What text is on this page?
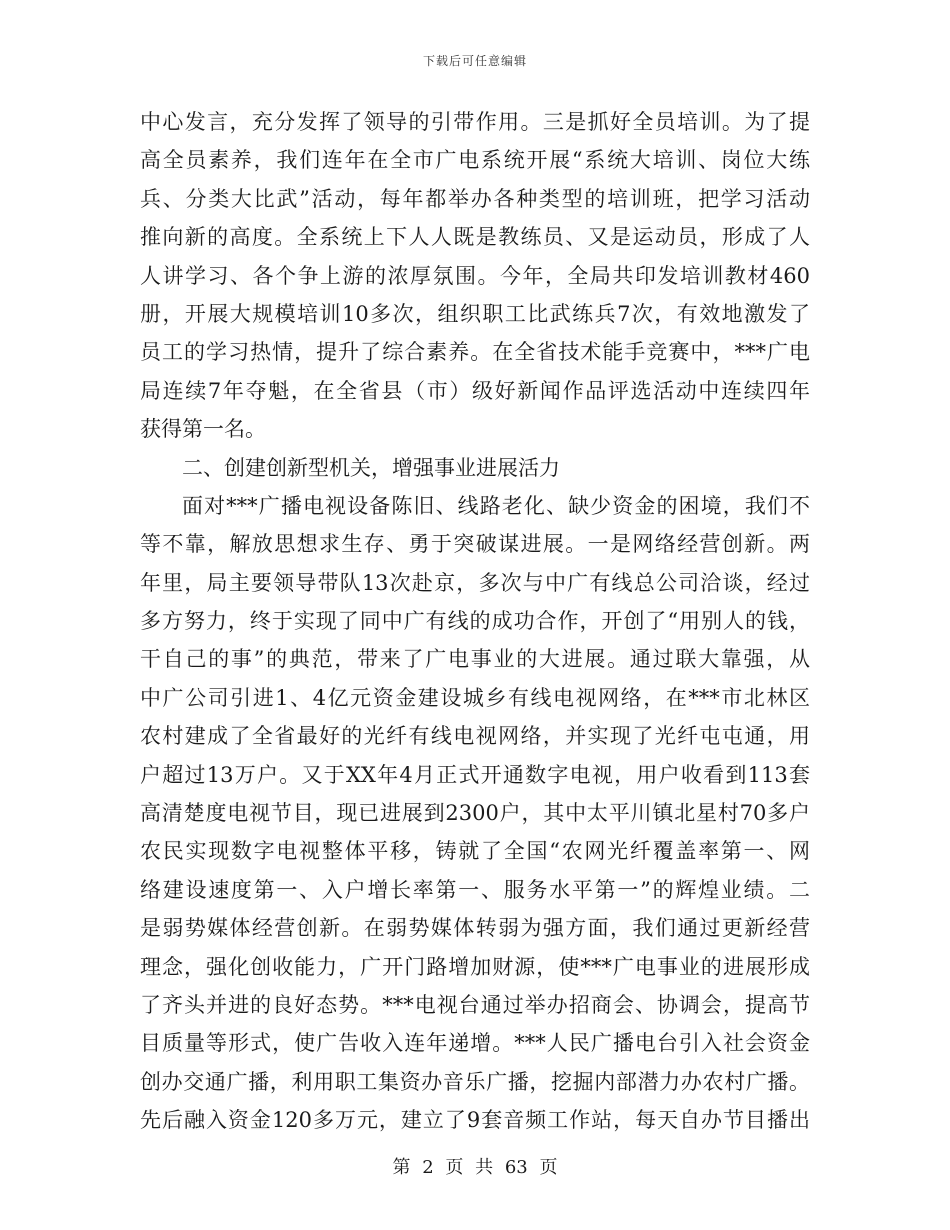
下载后可任意编辑
中心发言，充分发挥了领导的引带作用。三是抓好全员培训。为了提
高全员素养，我们连年在全市广电系统开展“系统大培训、岗位大练
兵、分类大比武”活动，每年都举办各种类型的培训班，把学习活动
推向新的高度。全系统上下人人既是教练员、又是运动员，形成了人
人讲学习、各个争上游的浓厚氛围。今年，全局共印发培训教材460
册，开展大规模培训10多次，组织职工比武练兵7次，有效地激发了
员工的学习热情，提升了综合素养。在全省技术能手竞赛中，***广电
局连续7年夺魁，在全省县（市）级好新闻作品评选活动中连续四年
获得第一名。
二、创建创新型机关，增强事业进展活力
面对***广播电视设备陈旧、线路老化、缺少资金的困境，我们不
等不靠，解放思想求生存、勇于突破谋进展。一是网络经营创新。两
年里，局主要领导带队13次赴京，多次与中广有线总公司洽谈，经过
多方努力，终于实现了同中广有线的成功合作，开创了“用别人的钱，
干自己的事”的典范，带来了广电事业的大进展。通过联大靠强，从
中广公司引进1、4亿元资金建设城乡有线电视网络，在***市北林区
农村建成了全省最好的光纤有线电视网络，并实现了光纤屯屯通，用
户超过13万户。又于XX年4月正式开通数字电视，用户收看到113套
高清楚度电视节目，现已进展到2300户，其中太平川镇北星村70多户
农民实现数字电视整体平移，铸就了全国“农网光纤覆盖率第一、网
络建设速度第一、入户增长率第一、服务水平第一”的辉煌业绩。二
是弱势媒体经营创新。在弱势媒体转弱为强方面，我们通过更新经营
理念，强化创收能力，广开门路增加财源，使***广电事业的进展形成
了齐头并进的良好态势。***电视台通过举办招商会、协调会，提高节
目质量等形式，使广告收入连年递增。***人民广播电台引入社会资金
创办交通广播，利用职工集资办音乐广播，挖掘内部潜力办农村广播。
先后融入资金120多万元，建立了9套音频工作站，每天自办节目播出
第 2 页 共 63 页
